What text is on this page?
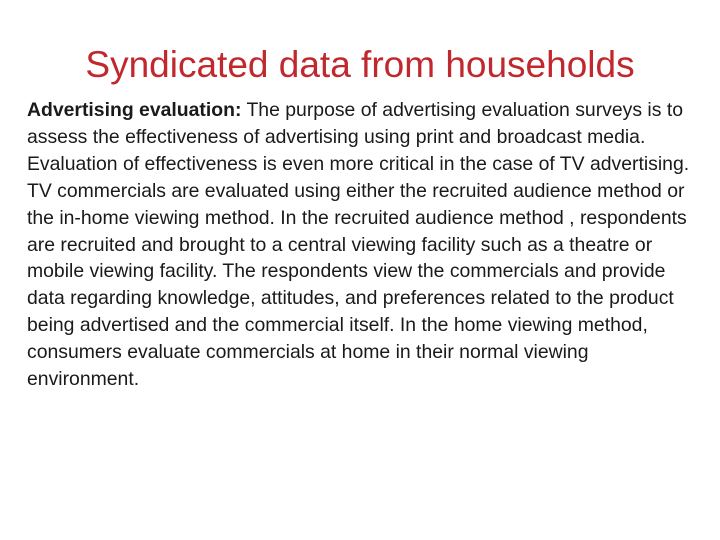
Syndicated data from households

Advertising evaluation: The purpose of advertising evaluation surveys is to assess the effectiveness of advertising using print and broadcast media. Evaluation of effectiveness is even more critical in the case of TV advertising. TV commercials are evaluated using either the recruited audience method or the in-home viewing method. In the recruited audience method , respondents are recruited and brought to a central viewing facility such as a theatre or mobile viewing facility. The respondents view the commercials and provide data regarding knowledge, attitudes, and preferences related to the product being advertised and the commercial itself. In the home viewing method, consumers evaluate commercials at home in their normal viewing environment.
